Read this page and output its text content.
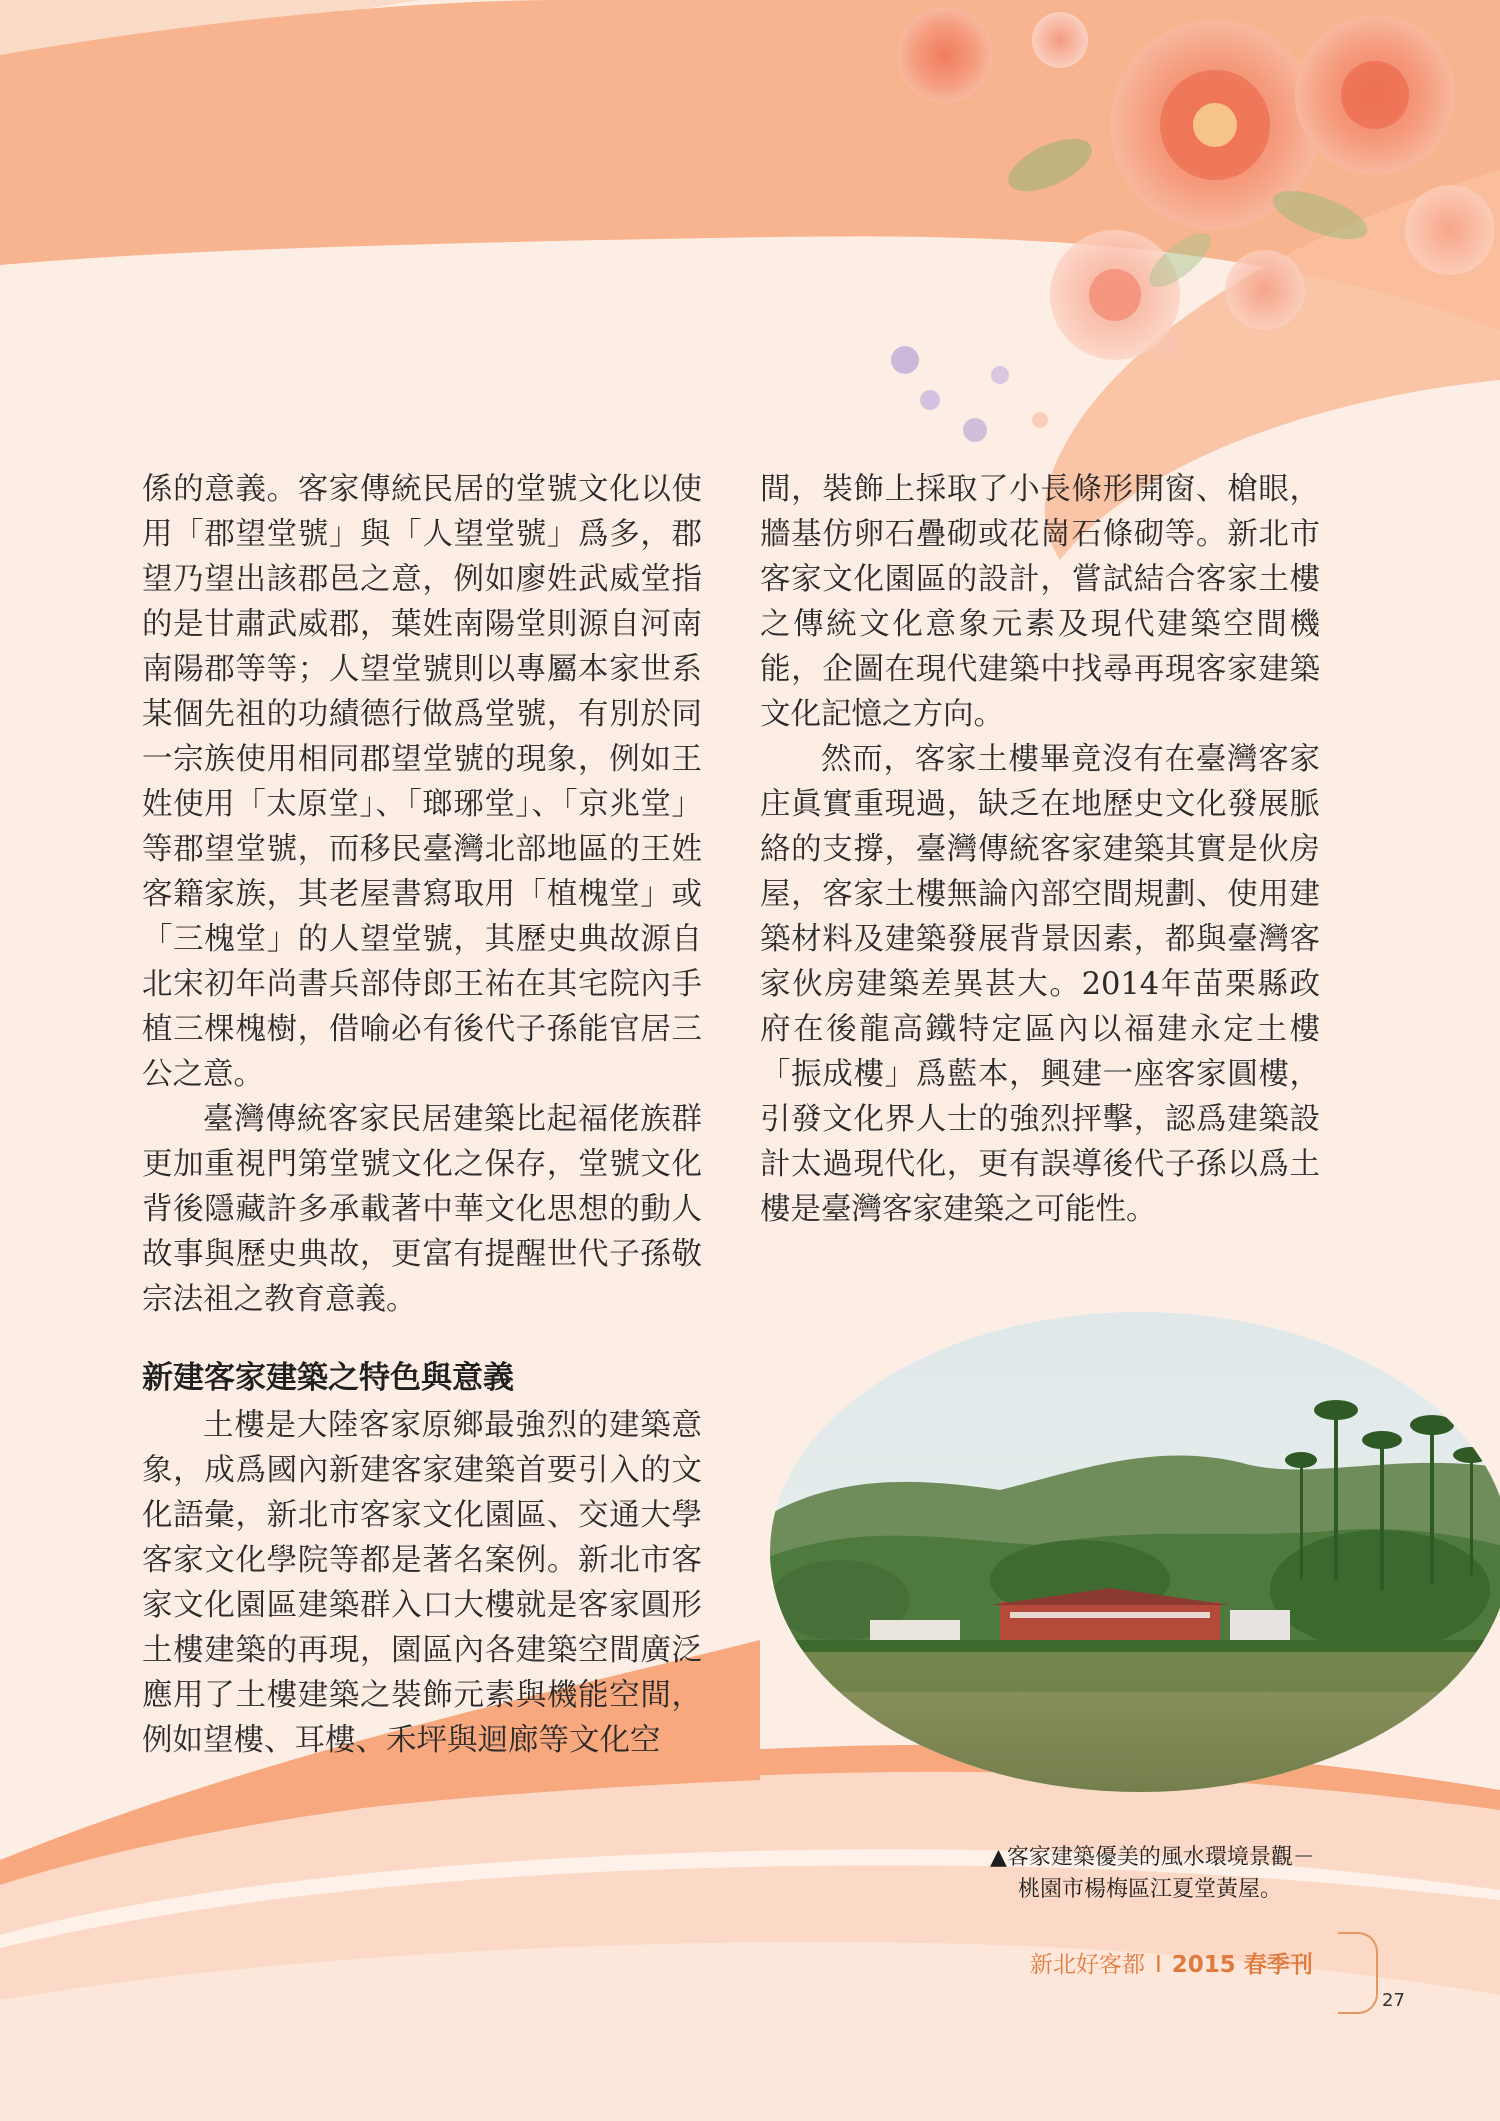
係的意義。客家傳統民居的堂號文化以使用「郡望堂號」與「人望堂號」爲多，郡望乃望出該郡邑之意，例如廖姓武威堂指的是甘肅武威郡，葉姓南陽堂則源自河南南陽郡等等；人望堂號則以專屬本家世系某個先祖的功績德行做爲堂號，有別於同一宗族使用相同郡望堂號的現象，例如王姓使用「太原堂」、「瑯琊堂」、「京兆堂」等郡望堂號，而移民臺灣北部地區的王姓客籍家族，其老屋書寫取用「植槐堂」或「三槐堂」的人望堂號，其歷史典故源自北宋初年尚書兵部侍郎王祐在其宅院內手植三棵槐樹，借喻必有後代子孫能官居三公之意。

臺灣傳統客家民居建築比起福佬族群更加重視門第堂號文化之保存，堂號文化背後隱藏許多承載著中華文化思想的動人故事與歷史典故，更富有提醒世代子孫敬宗法祖之教育意義。

新建客家建築之特色與意義

土樓是大陸客家原鄉最強烈的建築意象，成爲國內新建客家建築首要引入的文化語彙，新北市客家文化園區、交通大學客家文化學院等都是著名案例。新北市客家文化園區建築群入口大樓就是客家圓形土樓建築的再現，園區內各建築空間廣泛應用了土樓建築之裝飾元素與機能空間，例如望樓、耳樓、禾坪與迴廊等文化空

間，裝飾上採取了小長條形開窗、槍眼，牆基仿卵石疊砌或花崗石條砌等。新北市客家文化園區的設計，嘗試結合客家土樓之傳統文化意象元素及現代建築空間機能，企圖在現代建築中找尋再現客家建築文化記憶之方向。

然而，客家土樓畢竟沒有在臺灣客家庄眞實重現過，缺乏在地歷史文化發展脈絡的支撐，臺灣傳統客家建築其實是伙房屋，客家土樓無論內部空間規劃、使用建築材料及建築發展背景因素，都與臺灣客家伙房建築差異甚大。2014年苗栗縣政府在後龍高鐵特定區內以福建永定土樓「振成樓」爲藍本，興建一座客家圓樓，引發文化界人士的強烈抨擊，認爲建築設計太過現代化，更有誤導後代子孫以爲土樓是臺灣客家建築之可能性。

▲客家建築優美的風水環境景觀－
桃園市楊梅區江夏堂黃屋。
新北好客都 I 2015 春季刊
27
